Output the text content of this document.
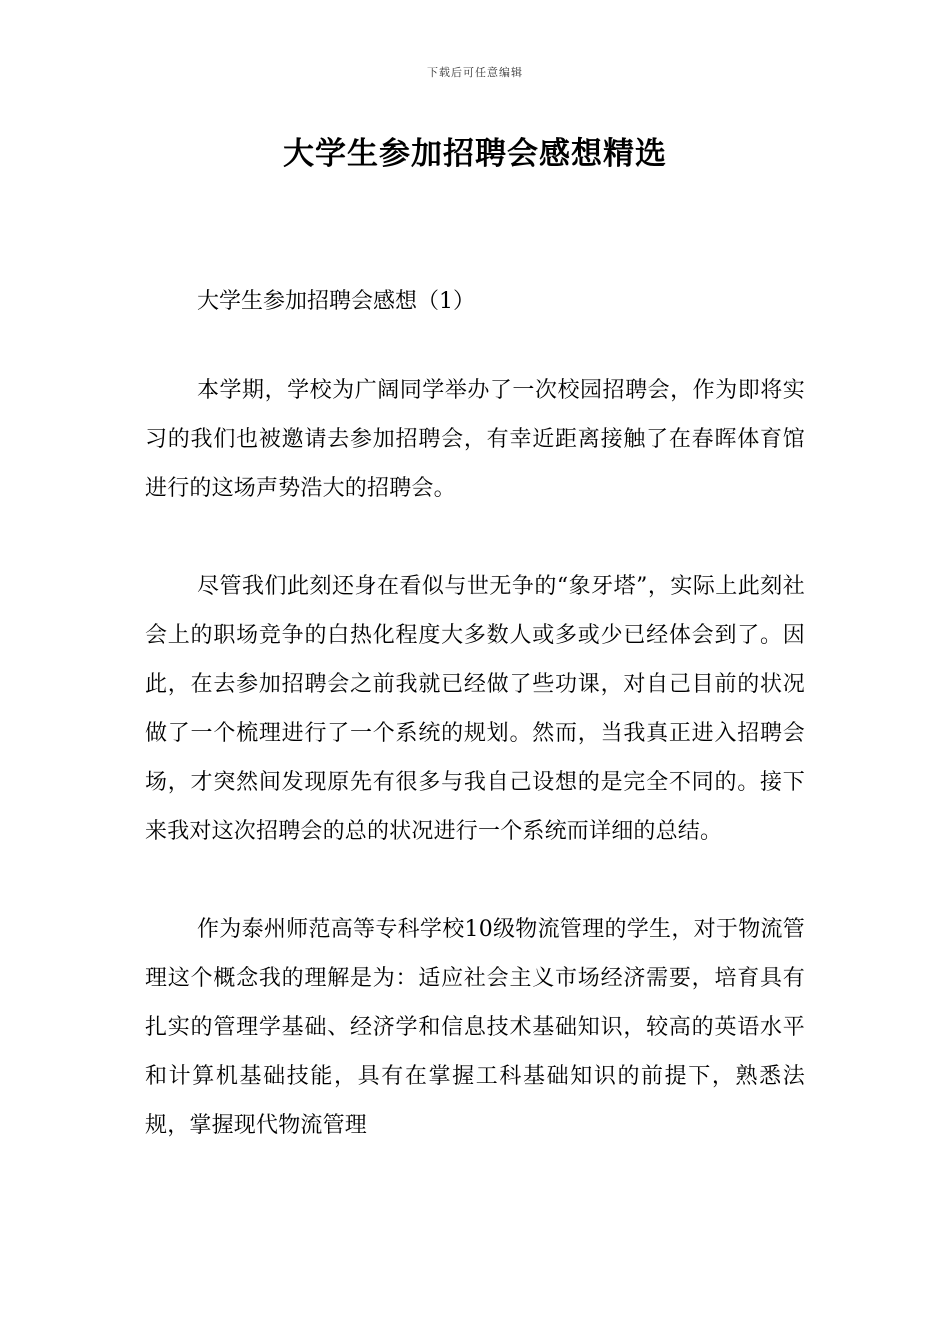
下载后可任意编辑
大学生参加招聘会感想精选

大学生参加招聘会感想（1）

本学期，学校为广阔同学举办了一次校园招聘会，作为即将实习的我们也被邀请去参加招聘会，有幸近距离接触了在春晖体育馆进行的这场声势浩大的招聘会。

尽管我们此刻还身在看似与世无争的“象牙塔”，实际上此刻社会上的职场竞争的白热化程度大多数人或多或少已经体会到了。因此，在去参加招聘会之前我就已经做了些功课，对自己目前的状况做了一个梳理进行了一个系统的规划。然而，当我真正进入招聘会场，才突然间发现原先有很多与我自己设想的是完全不同的。接下来我对这次招聘会的总的状况进行一个系统而详细的总结。

作为泰州师范高等专科学校10级物流管理的学生，对于物流管理这个概念我的理解是为：适应社会主义市场经济需要，培育具有扎实的管理学基础、经济学和信息技术基础知识，较高的英语水平和计算机基础技能，具有在掌握工科基础知识的前提下，熟悉法规，掌握现代物流管理
